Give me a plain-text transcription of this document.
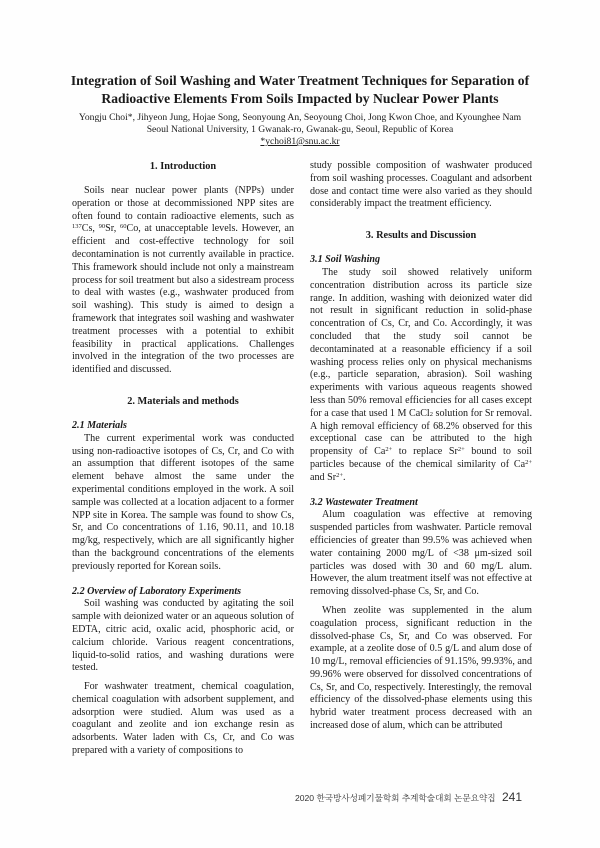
Integration of Soil Washing and Water Treatment Techniques for Separation of
Radioactive Elements From Soils Impacted by Nuclear Power Plants
Yongju Choi*, Jihyeon Jung, Hojae Song, Seonyoung An, Seoyoung Choi, Jong Kwon Choe, and Kyounghee Nam
Seoul National University, 1 Gwanak-ro, Gwanak-gu, Seoul, Republic of Korea
*ychoi81@snu.ac.kr
1. Introduction

Soils near nuclear power plants (NPPs) under operation or those at decommissioned NPP sites are often found to contain radioactive elements, such as $^{137}$Cs, $^{90}$Sr, $^{60}$Co, at unacceptable levels. However, an efficient and cost-effective technology for soil decontamination is not currently available in practice. This framework should include not only a mainstream process for soil treatment but also a sidestream process to deal with wastes (e.g., washwater produced from soil washing). This study is aimed to design a framework that integrates soil washing and washwater treatment processes with a potential to exhibit feasibility in practical applications. Challenges involved in the integration of the two processes are identified and discussed.

2. Materials and methods
2.1 Materials

The current experimental work was conducted using non-radioactive isotopes of Cs, Cr, and Co with an assumption that different isotopes of the same element behave almost the same under the experimental conditions employed in the work. A soil sample was collected at a location adjacent to a former NPP site in Korea. The sample was found to show Cs, Sr, and Co concentrations of 1.16, 90.11, and 10.18 mg/kg, respectively, which are all significantly higher than the background concentrations of the elements previously reported for Korean soils.

2.2 Overview of Laboratory Experiments

Soil washing was conducted by agitating the soil sample with deionized water or an aqueous solution of EDTA, citric acid, oxalic acid, phosphoric acid, or calcium chloride. Various reagent concentrations, liquid-to-solid ratios, and washing durations were tested.

For washwater treatment, chemical coagulation, chemical coagulation with adsorbent supplement, and adsorption were studied. Alum was used as a coagulant and zeolite and ion exchange resin as adsorbents. Water laden with Cs, Cr, and Co was prepared with a variety of compositions to

study possible composition of washwater produced from soil washing processes. Coagulant and adsorbent dose and contact time were also varied as they should considerably impact the treatment efficiency.

3. Results and Discussion
3.1 Soil Washing

The study soil showed relatively uniform concentration distribution across its particle size range. In addition, washing with deionized water did not result in significant reduction in solid-phase concentration of Cs, Cr, and Co. Accordingly, it was concluded that the study soil cannot be decontaminated at a reasonable efficiency if a soil washing process relies only on physical mechanisms (e.g., particle separation, abrasion). Soil washing experiments with various aqueous reagents showed less than 50% removal efficiencies for all cases except for a case that used 1 M CaCl$_2$ solution for Sr removal. A high removal efficiency of 68.2% observed for this exceptional case can be attributed to the high propensity of $Ca^{2+}$ to replace $Sr^{2+}$ bound to soil particles because of the chemical similarity of $Ca^{2+}$ and $Sr^{2+}$.

3.2 Wastewater Treatment

Alum coagulation was effective at removing suspended particles from washwater. Particle removal efficiencies of greater than 99.5% was achieved when water containing 2000 mg/L of <38 μm-sized soil particles was dosed with 30 and 60 mg/L alum. However, the alum treatment itself was not effective at removing dissolved-phase Cs, Sr, and Co.

When zeolite was supplemented in the alum coagulation process, significant reduction in the dissolved-phase Cs, Sr, and Co was observed. For example, at a zeolite dose of 0.5 g/L and alum dose of 10 mg/L, removal efficiencies of 91.15%, 99.93%, and 99.96% were observed for dissolved concentrations of Cs, Sr, and Co, respectively. Interestingly, the removal efficiency of the dissolved-phase elements using this hybrid water treatment process decreased with an increased dose of alum, which can be attributed

2020 한국방사성폐기물학회 추계학술대회 논문요약집 241
